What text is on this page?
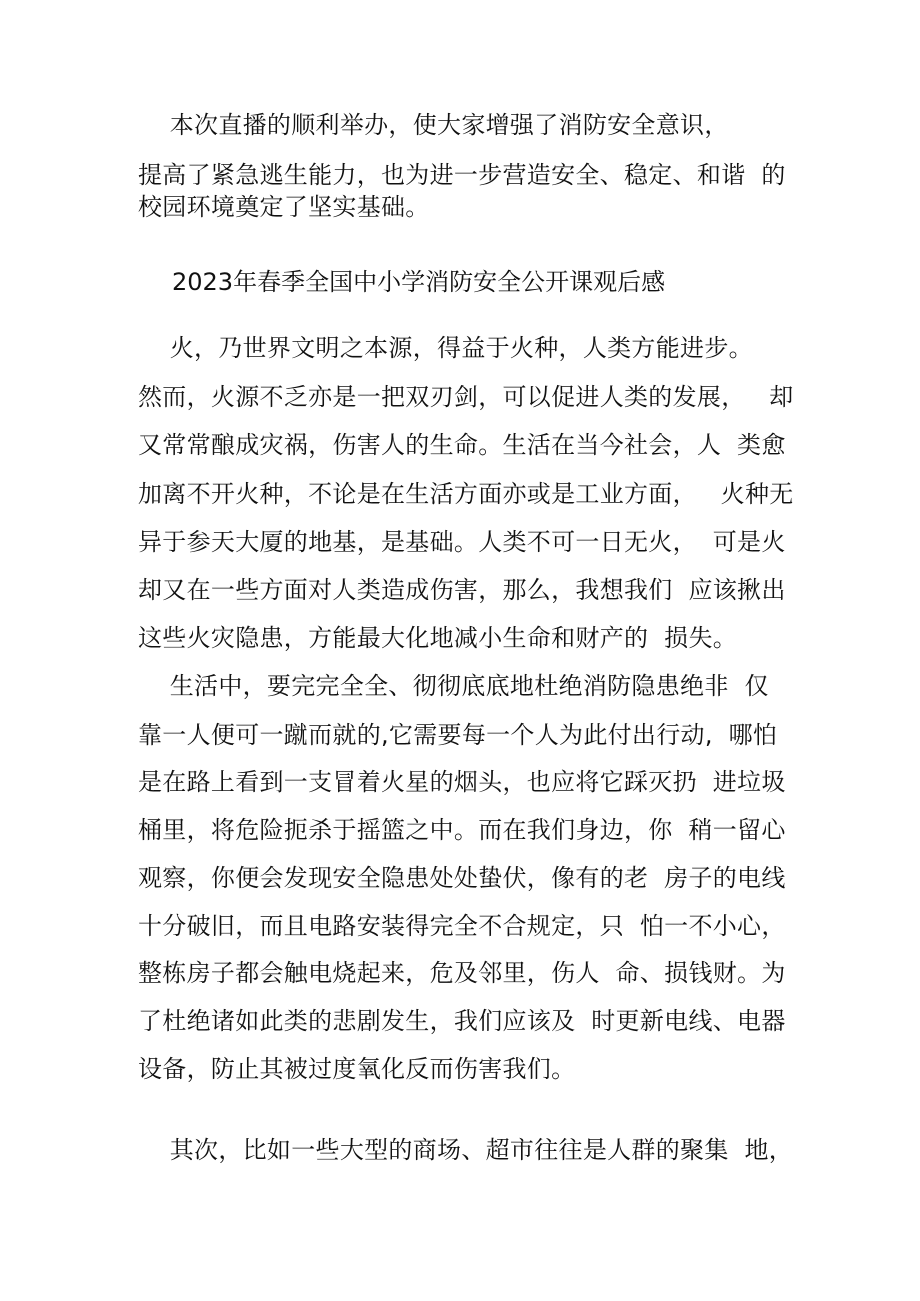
本次直播的顺利举办，使大家增强了消防安全意识，
提高了紧急逃生能力，也为进一步营造安全、稳定、和谐  的
校园环境奠定了坚实基础。
2023年春季全国中小学消防安全公开课观后感
火，乃世界文明之本源，得益于火种，人类方能进步。
然而，火源不乏亦是一把双刃剑，可以促进人类的发展，   却
又常常酿成灾祸，伤害人的生命。生活在当今社会，人  类愈
加离不开火种，不论是在生活方面亦或是工业方面，   火种无
异于参天大厦的地基，是基础。人类不可一日无火，  可是火
却又在一些方面对人类造成伤害，那么，我想我们  应该揪出
这些火灾隐患，方能最大化地减小生命和财产的  损失。
生活中，要完完全全、彻彻底底地杜绝消防隐患绝非  仅
靠一人便可一蹴而就的,它需要每一个人为此付出行动,  哪怕
是在路上看到一支冒着火星的烟头，也应将它踩灭扔  进垃圾
桶里，将危险扼杀于摇篮之中。而在我们身边，你  稍一留心
观察，你便会发现安全隐患处处蛰伏，像有的老  房子的电线
十分破旧，而且电路安装得完全不合规定，只  怕一不小心，
整栋房子都会触电烧起来，危及邻里，伤人  命、损钱财。为
了杜绝诸如此类的悲剧发生，我们应该及  时更新电线、电器
设备，防止其被过度氧化反而伤害我们。
其次，比如一些大型的商场、超市往往是人群的聚集  地，
